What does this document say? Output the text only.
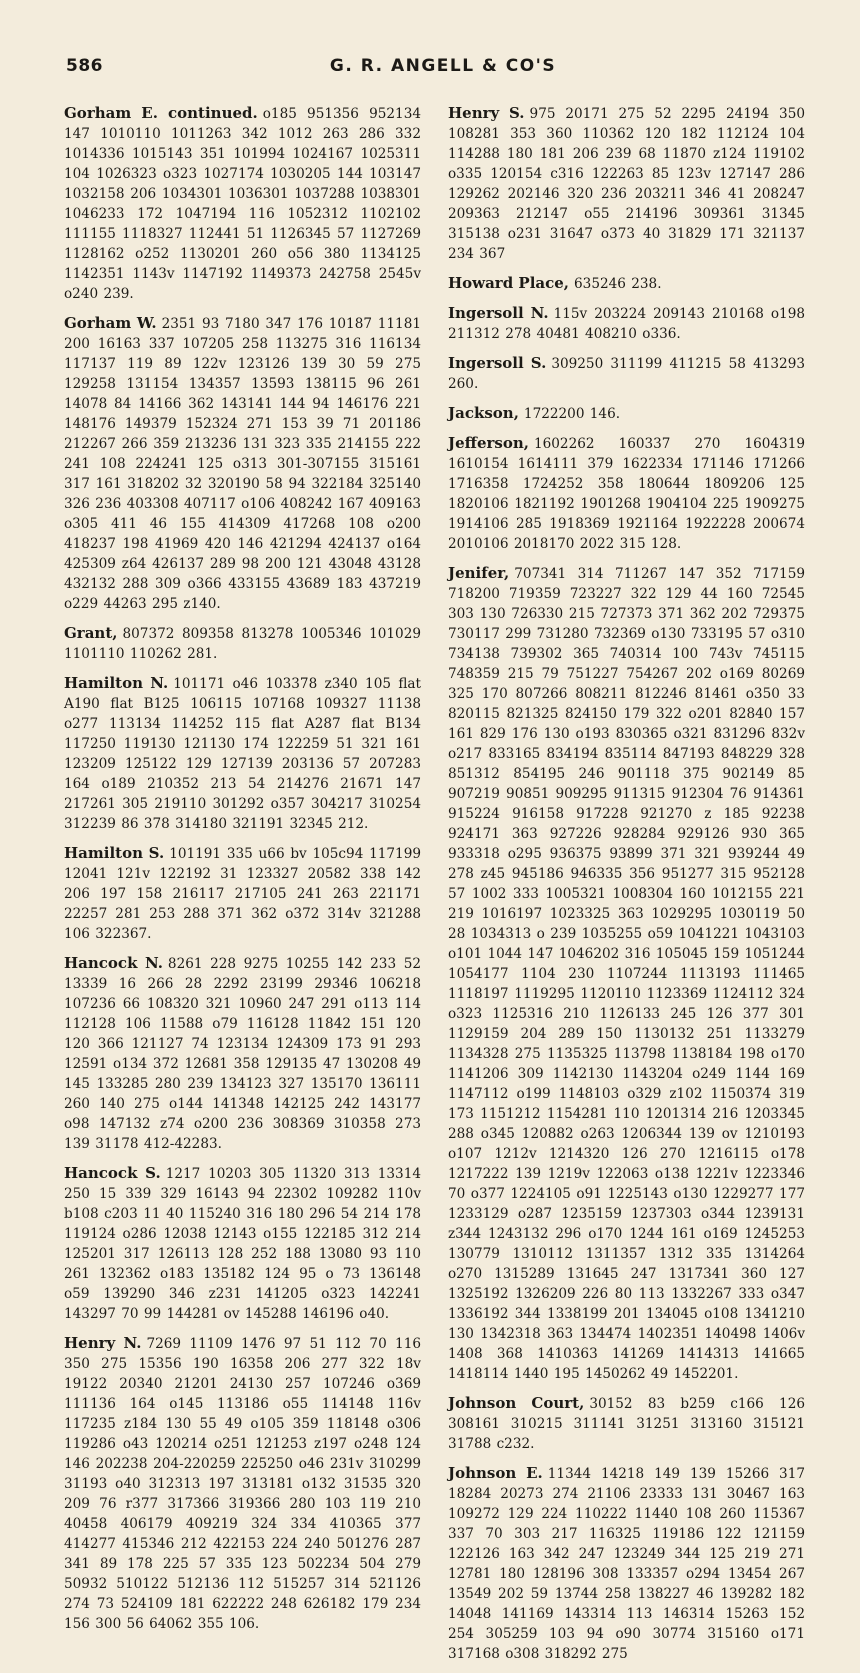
586	G. R. ANGELL & CO'S
Gorham E. continued. o185 951356 952134 147 1010110 1011263 342 1012 263 286 332 1014336 1015143 351 101994 1024167 1025311 104 1026323 o323 1027174 1030205 144 103147 1032158 206 1034301 1036301 1037288 1038301 1046233 172 1047194 116 1052312 1102102 111155 1118327 112441 51 1126345 57 1127269 1128162 o252 1130201 260 o56 380 1134125 1142351 1143v 1147192 1149373 242758 2545v o240 239.
Gorham W. 2351 93 7180 347 176 10187 11181 200 16163 337 107205 258 113275 316 116134 117137 119 89 122v 123126 139 30 59 275 129258 131154 134357 13593 138115 96 261 14078 84 14166 362 143141 144 94 146176 221 148176 149379 152324 271 153 39 71 201186 212267 266 359 213236 131 323 335 214155 222 241 108 224241 125 o313 301-307155 315161 317 161 318202 32 320190 58 94 322184 325140 326 236 403308 407117 o106 408242 167 409163 o305 411 46 155 414309 417268 108 o200 418237 198 41969 420 146 421294 424137 o164 425309 z64 426137 289 98 200 121 43048 43128 432132 288 309 o366 433155 43689 183 437219 o229 44263 295 z140.
Grant, 807372 809358 813278 1005346 101029 1101110 110262 281.
Hamilton N. 101171 o46 103378 z340 105 flat A190 flat B125 106115 107168 109327 11138 o277 113134 114252 115 flat A287 flat B134 117250 119130 121130 174 122259 51 321 161 123209 125122 129 127139 203136 57 207283 164 o189 210352 213 54 214276 21671 147 217261 305 219110 301292 o357 304217 310254 312239 86 378 314180 321191 32345 212.
Hamilton S. 101191 335 u66 bv 105c94 117199 12041 121v 122192 31 123327 20582 338 142 206 197 158 216117 217105 241 263 221171 22257 281 253 288 371 362 o372 314v 321288 106 322367.
Hancock N. 8261 228 9275 10255 142 233 52 13339 16 266 28 2292 23199 29346 106218 107236 66 108320 321 10960 247 291 o113 114 112128 106 11588 o79 116128 11842 151 120 120 366 121127 74 123134 124309 173 91 293 12591 o134 372 12681 358 129135 47 130208 49 145 133285 280 239 134123 327 135170 136111 260 140 275 o144 141348 142125 242 143177 o98 147132 z74 o200 236 308369 310358 273 139 31178 412-42283.
Hancock S. 1217 10203 305 11320 313 13314 250 15 339 329 16143 94 22302 109282 110v b108 c203 11 40 115240 316 180 296 54 214 178 119124 o286 12038 12143 o155 122185 312 214 125201 317 126113 128 252 188 13080 93 110 261 132362 o183 135182 124 95 o 73 136148 o59 139290 346 z231 141205 o323 142241 143297 70 99 144281 ov 145288 146196 o40.
Henry N. 7269 11109 1476 97 51 112 70 116 350 275 15356 190 16358 206 277 322 18v 19122 20340 21201 24130 257 107246 o369 111136 164 o145 113186 o55 114148 116v 117235 z184 130 55 49 o105 359 118148 o306 119286 o43 120214 o251 121253 z197 o248 124 146 202238 204-220259 225250 o46 231v 310299 31193 o40 312313 197 313181 o132 31535 320 209 76 r377 317366 319366 280 103 119 210 40458 406179 409219 324 334 410365 377 414277 415346 212 422153 224 240 501276 287 341 89 178 225 57 335 123 502234 504 279 50932 510122 512136 112 515257 314 521126 274 73 524109 181 622222 248 626182 179 234 156 300 56 64062 355 106.
Henry S. 975 20171 275 52 2295 24194 350 108281 353 360 110362 120 182 112124 104 114288 180 181 206 239 68 11870 z124 119102 o335 120154 c316 122263 85 123v 127147 286 129262 202146 320 236 203211 346 41 208247 209363 212147 o55 214196 309361 31345 315138 o231 31647 o373 40 31829 171 321137 234 367
Howard Place, 635246 238.
Ingersoll N. 115v 203224 209143 210168 o198 211312 278 40481 408210 o336.
Ingersoll S. 309250 311199 411215 58 413293 260.
Jackson, 1722200 146.
Jefferson, 1602262 160337 270 1604319 1610154 1614111 379 1622334 171146 171266 1716358 1724252 358 180644 1809206 125 1820106 1821192 1901268 1904104 225 1909275 1914106 285 1918369 1921164 1922228 200674 2010106 2018170 2022 315 128.
Jenifer, 707341 314 711267 147 352 717159 718200 719359 723227 322 129 44 160 72545 303 130 726330 215 727373 371 362 202 729375 730117 299 731280 732369 o130 733195 57 o310 734138 739302 365 740314 100 743v 745115 748359 215 79 751227 754267 202 o169 80269 325 170 807266 808211 812246 81461 o350 33 820115 821325 824150 179 322 o201 82840 157 161 829 176 130 o193 830365 o321 831296 832v o217 833165 834194 835114 847193 848229 328 851312 854195 246 901118 375 902149 85 907219 90851 909295 911315 912304 76 914361 915224 916158 917228 921270 z 185 92238 924171 363 927226 928284 929126 930 365 933318 o295 936375 93899 371 321 939244 49 278 z45 945186 946335 356 951277 315 952128 57 1002 333 1005321 1008304 160 1012155 221 219 1016197 1023325 363 1029295 1030119 50 28 1034313 o 239 1035255 o59 1041221 1043103 o101 1044 147 1046202 316 105045 159 1051244 1054177 1104 230 1107244 1113193 111465 1118197 1119295 1120110 1123369 1124112 324 o323 1125316 210 1126133 245 126 377 301 1129159 204 289 150 1130132 251 1133279 1134328 275 1135325 113798 1138184 198 o170 1141206 309 1142130 1143204 o249 1144 169 1147112 o199 1148103 o329 z102 1150374 319 173 1151212 1154281 110 1201314 216 1203345 288 o345 120882 o263 1206344 139 ov 1210193 o107 1212v 1214320 126 270 1216115 o178 1217222 139 1219v 122063 o138 1221v 1223346 70 o377 1224105 o91 1225143 o130 1229277 177 1233129 o287 1235159 1237303 o344 1239131 z344 1243132 296 o170 1244 161 o169 1245253 130779 1310112 1311357 1312 335 1314264 o270 1315289 131645 247 1317341 360 127 1325192 1326209 226 80 113 1332267 333 o347 1336192 344 1338199 201 134045 o108 1341210 130 1342318 363 134474 1402351 140498 1406v 1408 368 1410363 141269 1414313 141665 1418114 1440 195 1450262 49 1452201.
Johnson Court, 30152 83 b259 c166 126 308161 310215 311141 31251 313160 315121 31788 c232.
Johnson E. 11344 14218 149 139 15266 317 18284 20273 274 21106 23333 131 30467 163 109272 129 224 110222 11440 108 260 115367 337 70 303 217 116325 119186 122 121159 122126 163 342 247 123249 344 125 219 271 12781 180 128196 308 133357 o294 13454 267 13549 202 59 13744 258 138227 46 139282 182 14048 141169 143314 113 146314 15263 152 254 305259 103 94 o90 30774 315160 o171 317168 o308 318292 275
